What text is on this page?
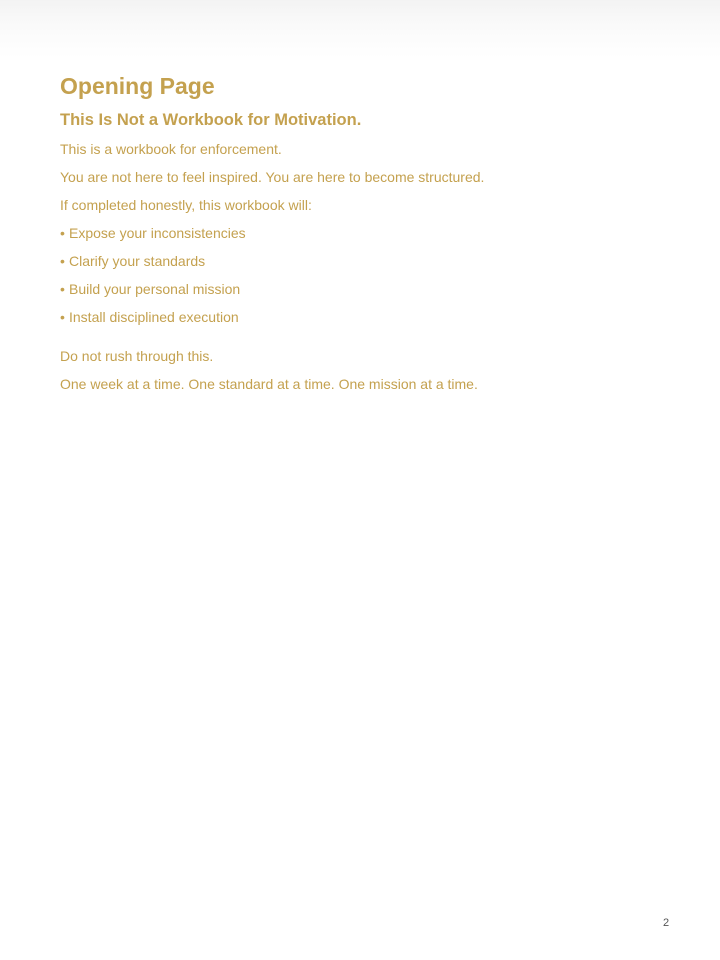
Opening Page
This Is Not a Workbook for Motivation.

This is a workbook for enforcement.

You are not here to feel inspired. You are here to become structured.

If completed honestly, this workbook will:

• Expose your inconsistencies
• Clarify your standards
• Build your personal mission
• Install disciplined execution

Do not rush through this.

One week at a time. One standard at a time. One mission at a time.

2
